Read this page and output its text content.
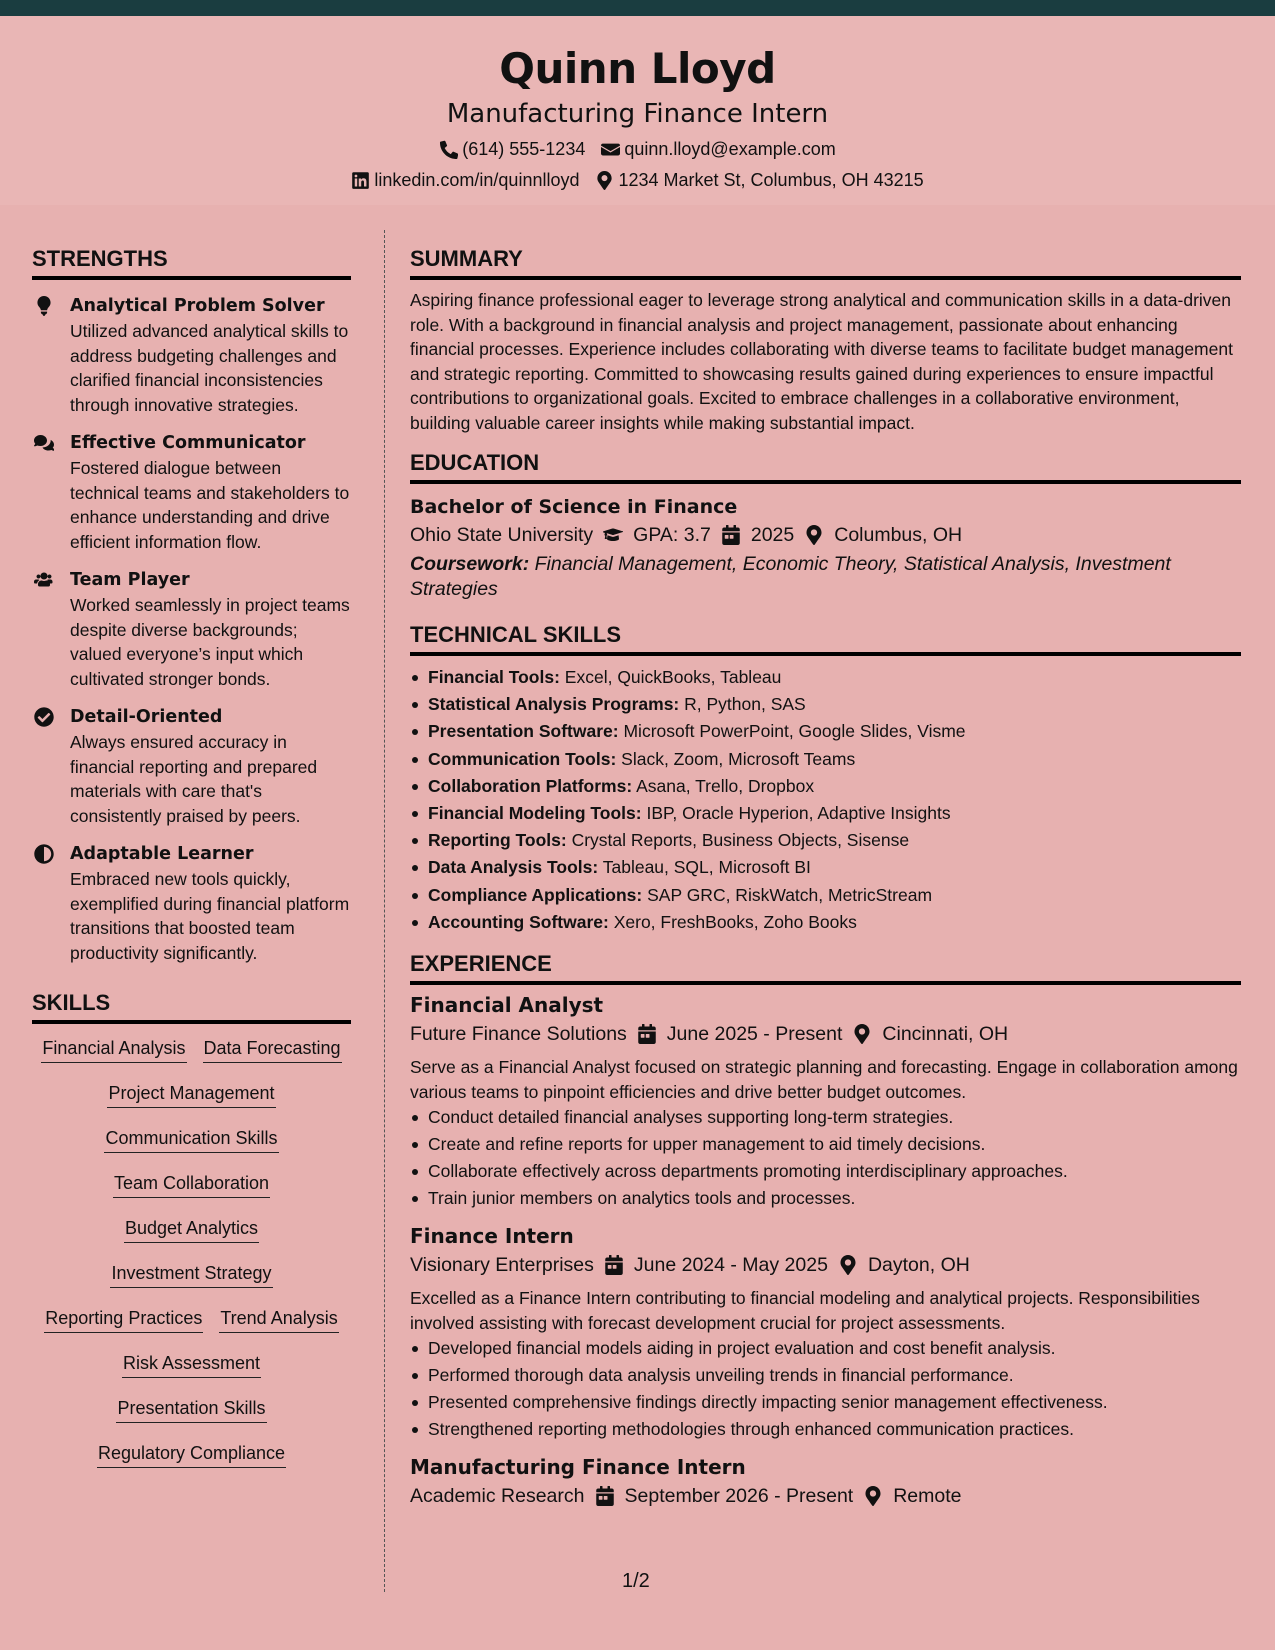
Quinn Lloyd
Manufacturing Finance Intern
(614) 555-1234 quinn.lloyd@example.com
linkedin.com/in/quinnlloyd 1234 Market St, Columbus, OH 43215
STRENGTHS
Analytical Problem Solver
Utilized advanced analytical skills to address budgeting challenges and clarified financial inconsistencies through innovative strategies.
Effective Communicator
Fostered dialogue between technical teams and stakeholders to enhance understanding and drive efficient information flow.
Team Player
Worked seamlessly in project teams despite diverse backgrounds; valued everyone’s input which cultivated stronger bonds.
Detail-Oriented
Always ensured accuracy in financial reporting and prepared materials with care that's consistently praised by peers.
Adaptable Learner
Embraced new tools quickly, exemplified during financial platform transitions that boosted team productivity significantly.
SKILLS
Financial Analysis Data Forecasting
Project Management
Communication Skills
Team Collaboration
Budget Analytics
Investment Strategy
Reporting Practices Trend Analysis
Risk Assessment
Presentation Skills
Regulatory Compliance
SUMMARY
Aspiring finance professional eager to leverage strong analytical and communication skills in a data-driven role. With a background in financial analysis and project management, passionate about enhancing financial processes. Experience includes collaborating with diverse teams to facilitate budget management and strategic reporting. Committed to showcasing results gained during experiences to ensure impactful contributions to organizational goals. Excited to embrace challenges in a collaborative environment, building valuable career insights while making substantial impact.
EDUCATION
Bachelor of Science in Finance
Ohio State University GPA: 3.7 2025 Columbus, OH
Coursework: Financial Management, Economic Theory, Statistical Analysis, Investment Strategies
TECHNICAL SKILLS
Financial Tools: Excel, QuickBooks, Tableau
Statistical Analysis Programs: R, Python, SAS
Presentation Software: Microsoft PowerPoint, Google Slides, Visme
Communication Tools: Slack, Zoom, Microsoft Teams
Collaboration Platforms: Asana, Trello, Dropbox
Financial Modeling Tools: IBP, Oracle Hyperion, Adaptive Insights
Reporting Tools: Crystal Reports, Business Objects, Sisense
Data Analysis Tools: Tableau, SQL, Microsoft BI
Compliance Applications: SAP GRC, RiskWatch, MetricStream
Accounting Software: Xero, FreshBooks, Zoho Books
EXPERIENCE
Financial Analyst
Future Finance Solutions June 2025 - Present Cincinnati, OH
Serve as a Financial Analyst focused on strategic planning and forecasting. Engage in collaboration among various teams to pinpoint efficiencies and drive better budget outcomes.
Conduct detailed financial analyses supporting long-term strategies.
Create and refine reports for upper management to aid timely decisions.
Collaborate effectively across departments promoting interdisciplinary approaches.
Train junior members on analytics tools and processes.
Finance Intern
Visionary Enterprises June 2024 - May 2025 Dayton, OH
Excelled as a Finance Intern contributing to financial modeling and analytical projects. Responsibilities involved assisting with forecast development crucial for project assessments.
Developed financial models aiding in project evaluation and cost benefit analysis.
Performed thorough data analysis unveiling trends in financial performance.
Presented comprehensive findings directly impacting senior management effectiveness.
Strengthened reporting methodologies through enhanced communication practices.
Manufacturing Finance Intern
Academic Research September 2026 - Present Remote
1/2
